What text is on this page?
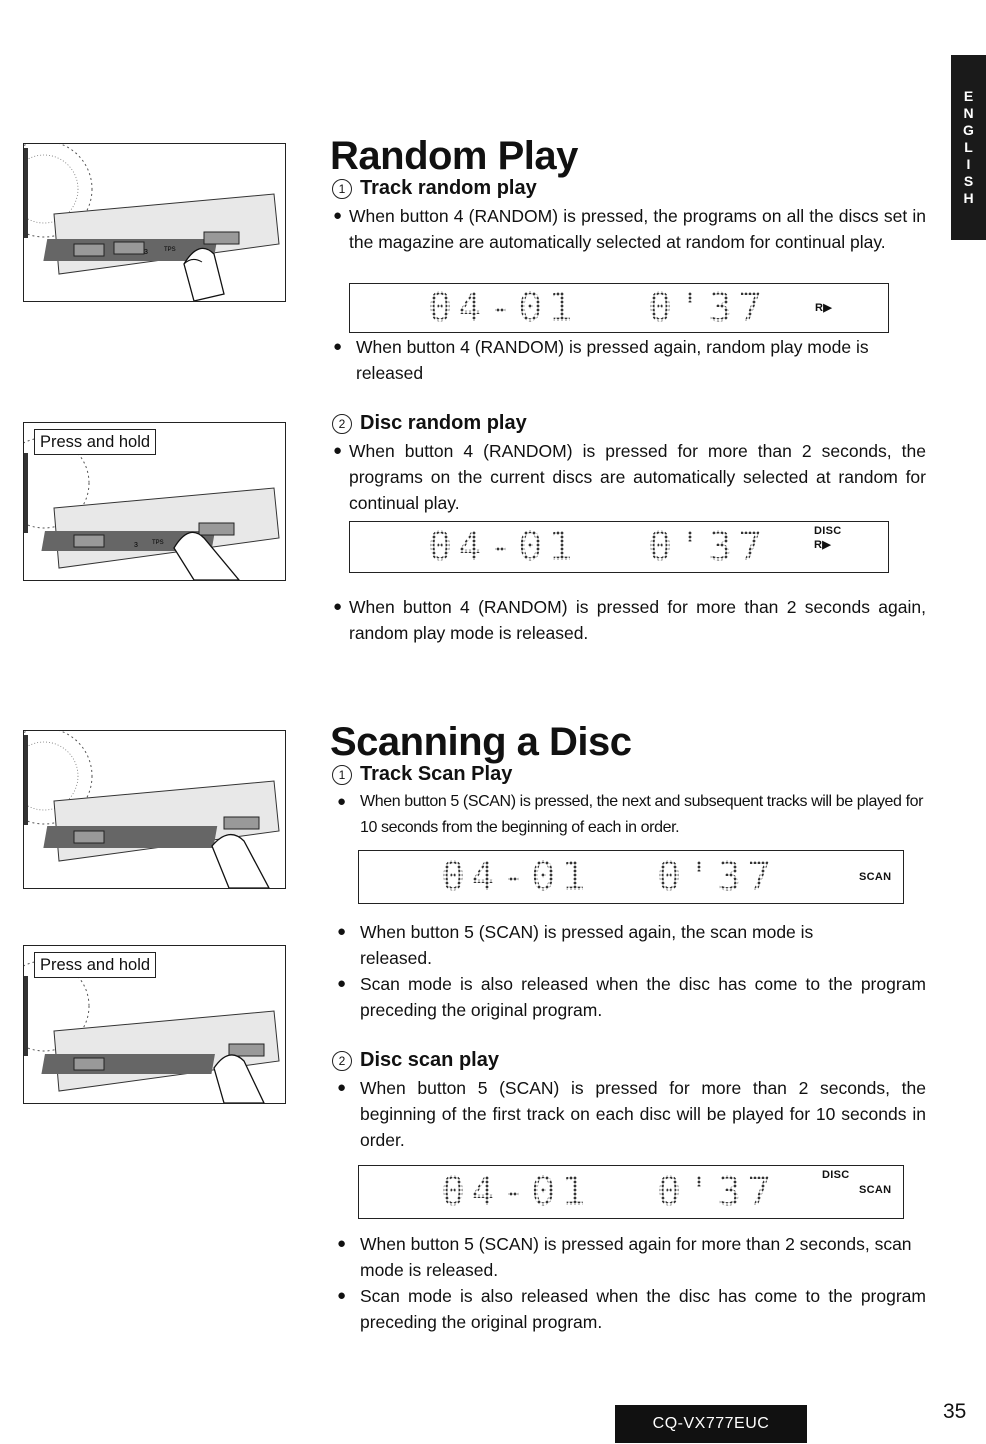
E
N
G
L
I
S
H
3	TPS
3 TPS
Press and hold
Press and hold
Random Play
1 Track random play
● When button 4 (RANDOM) is pressed, the programs on all the discs set in the magazine are automatically selected at random for continual play.
04-01 0'37	R▶
● When button 4 (RANDOM) is pressed again, random play mode is released
2 Disc random play
● When button 4 (RANDOM) is pressed for more than 2 seconds, the programs on the current discs are automatically selected at random for continual play.
04-01 0'37	DISC
R▶
● When button 4 (RANDOM) is pressed for more than 2 seconds again, random play mode is released.
Scanning a Disc
1 Track Scan Play
● When button 5 (SCAN) is pressed, the next and subsequent tracks will be played for 10 seconds from the beginning of each in order.
04-01 0'37	SCAN
● When button 5 (SCAN) is pressed again, the scan mode is released.
● Scan mode is also released when the disc has come to the program preceding the original program.
2 Disc scan play
● When button 5 (SCAN) is pressed for more than 2 seconds, the beginning of the first track on each disc will be played for 10 seconds in order.
04-01 0'37	DISC
SCAN
● When button 5 (SCAN) is pressed again for more than 2 seconds, scan mode is released.
● Scan mode is also released when the disc has come to the program preceding the original program.
CQ-VX777EUC
35
